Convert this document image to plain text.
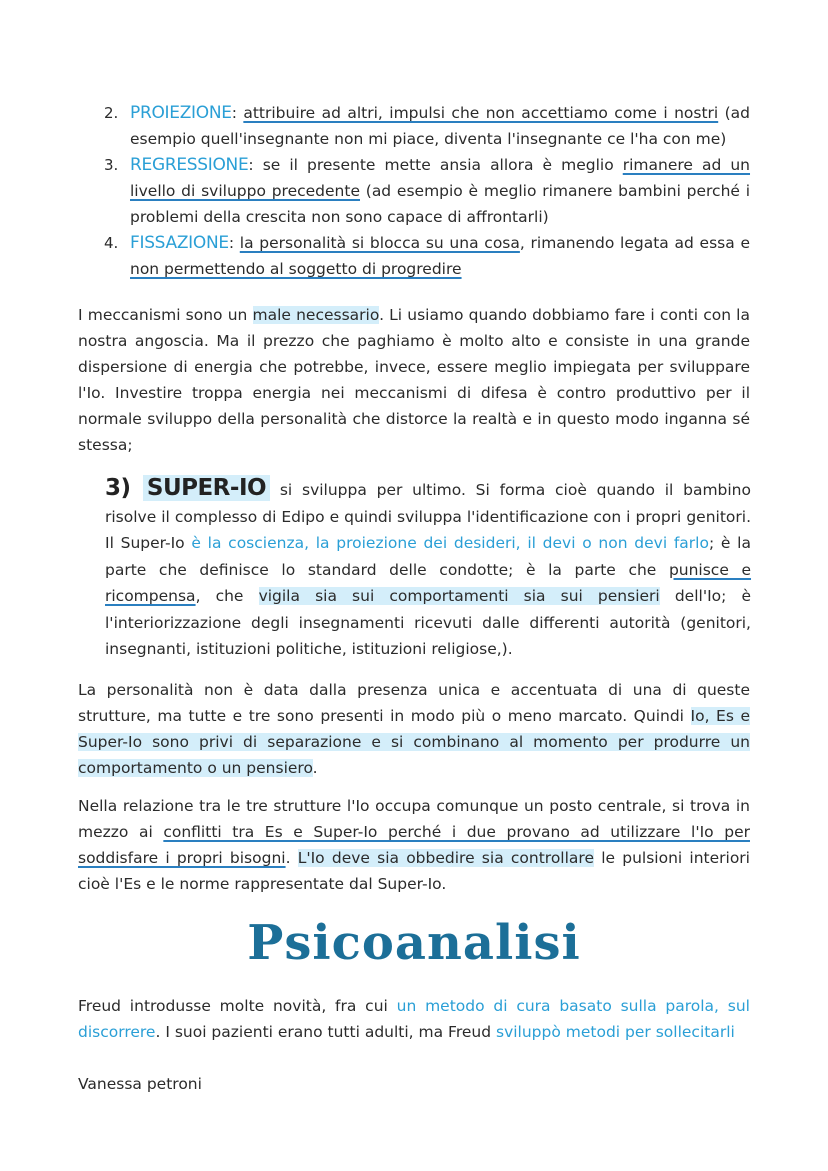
2. PROIEZIONE: attribuire ad altri, impulsi che non accettiamo come i nostri (ad esempio quell'insegnante non mi piace, diventa l'insegnante ce l'ha con me)
3. REGRESSIONE: se il presente mette ansia allora è meglio rimanere ad un livello di sviluppo precedente (ad esempio è meglio rimanere bambini perché i problemi della crescita non sono capace di affrontarli)
4. FISSAZIONE: la personalità si blocca su una cosa, rimanendo legata ad essa e non permettendo al soggetto di progredire

I meccanismi sono un male necessario. Li usiamo quando dobbiamo fare i conti con la nostra angoscia. Ma il prezzo che paghiamo è molto alto e consiste in una grande dispersione di energia che potrebbe, invece, essere meglio impiegata per sviluppare l'Io. Investire troppa energia nei meccanismi di difesa è contro produttivo per il normale sviluppo della personalità che distorce la realtà e in questo modo inganna sé stessa;

3) SUPER-IO si sviluppa per ultimo. Si forma cioè quando il bambino risolve il complesso di Edipo e quindi sviluppa l'identificazione con i propri genitori. Il Super-Io è la coscienza, la proiezione dei desideri, il devi o non devi farlo; è la parte che definisce lo standard delle condotte; è la parte che punisce e ricompensa, che vigila sia sui comportamenti sia sui pensieri dell'Io; è l'interiorizzazione degli insegnamenti ricevuti dalle differenti autorità (genitori, insegnanti, istituzioni politiche, istituzioni religiose,).

La personalità non è data dalla presenza unica e accentuata di una di queste strutture, ma tutte e tre sono presenti in modo più o meno marcato. Quindi Io, Es e Super-Io sono privi di separazione e si combinano al momento per produrre un comportamento o un pensiero.

Nella relazione tra le tre strutture l'Io occupa comunque un posto centrale, si trova in mezzo ai conflitti tra Es e Super-Io perché i due provano ad utilizzare l'Io per soddisfare i propri bisogni. L'Io deve sia obbedire sia controllare le pulsioni interiori cioè l'Es e le norme rappresentate dal Super-Io.

Psicoanalisi

Freud introdusse molte novità, fra cui un metodo di cura basato sulla parola, sul discorrere. I suoi pazienti erano tutti adulti, ma Freud sviluppò metodi per sollecitarli

Vanessa petroni
